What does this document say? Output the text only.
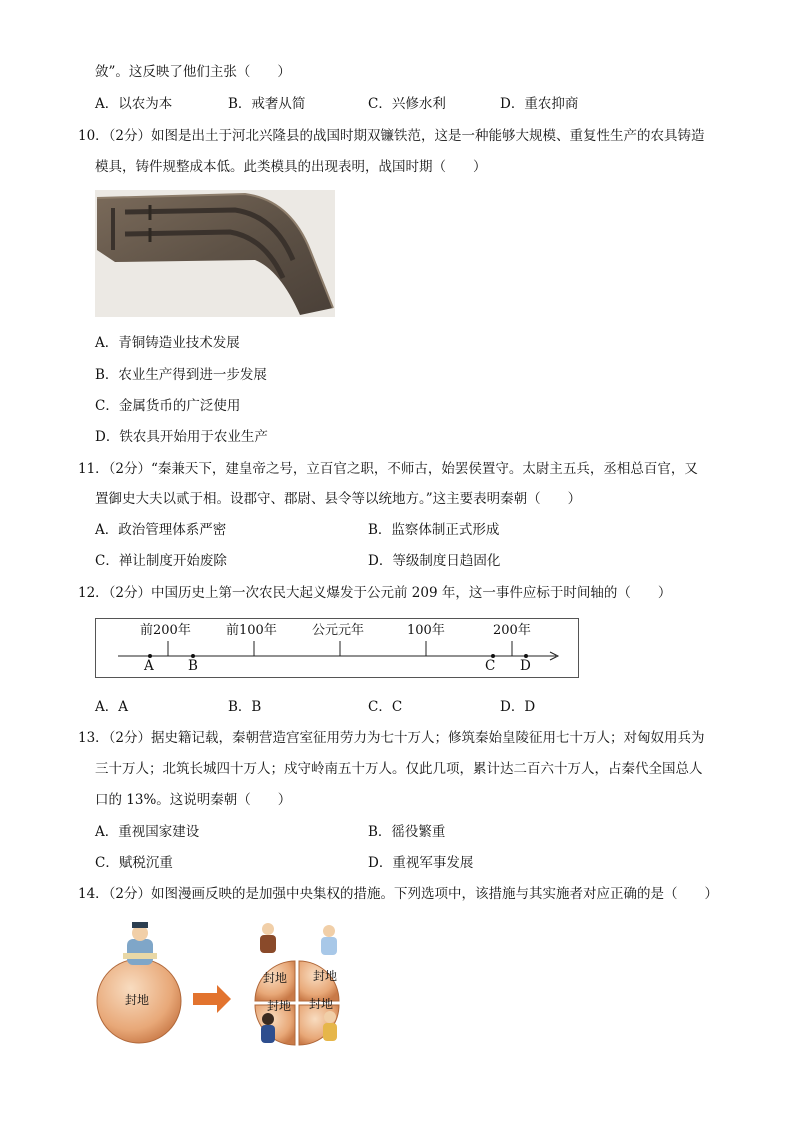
敛”。这反映了他们主张（　　）
A．以农为本	B．戒奢从简	C．兴修水利	D．重农抑商
10．（2分）如图是出土于河北兴隆县的战国时期双镰铁范，这是一种能够大规模、重复性生产的农具铸造
模具，铸件规整成本低。此类模具的出现表明，战国时期（　　）
A．青铜铸造业技术发展
B．农业生产得到进一步发展
C．金属货币的广泛使用
D．铁农具开始用于农业生产
11．（2分）“秦兼天下，建皇帝之号，立百官之职，不师古，始罢侯置守。太尉主五兵，丞相总百官，又
置御史大夫以贰于相。设郡守、郡尉、县令等以统地方。”这主要表明秦朝（　　）
A．政治管理体系严密	B．监察体制正式形成
C．禅让制度开始废除	D．等级制度日趋固化
12．（2分）中国历史上第一次农民大起义爆发于公元前 209 年，这一事件应标于时间轴的（　　）
前200年	前100年	公元元年	100年	200年
A	B	C D
A．A	B．B	C．C	D．D
13．（2分）据史籍记载，秦朝营造宫室征用劳力为七十万人；修筑秦始皇陵征用七十万人；对匈奴用兵为
三十万人；北筑长城四十万人；戍守岭南五十万人。仅此几项，累计达二百六十万人，占秦代全国总人
口的 13%。这说明秦朝（　　）
A．重视国家建设	B．徭役繁重
C．赋税沉重	D．重视军事发展
14．（2分）如图漫画反映的是加强中央集权的措施。下列选项中，该措施与其实施者对应正确的是（　　）
封地
封地 封地
封地 封地
